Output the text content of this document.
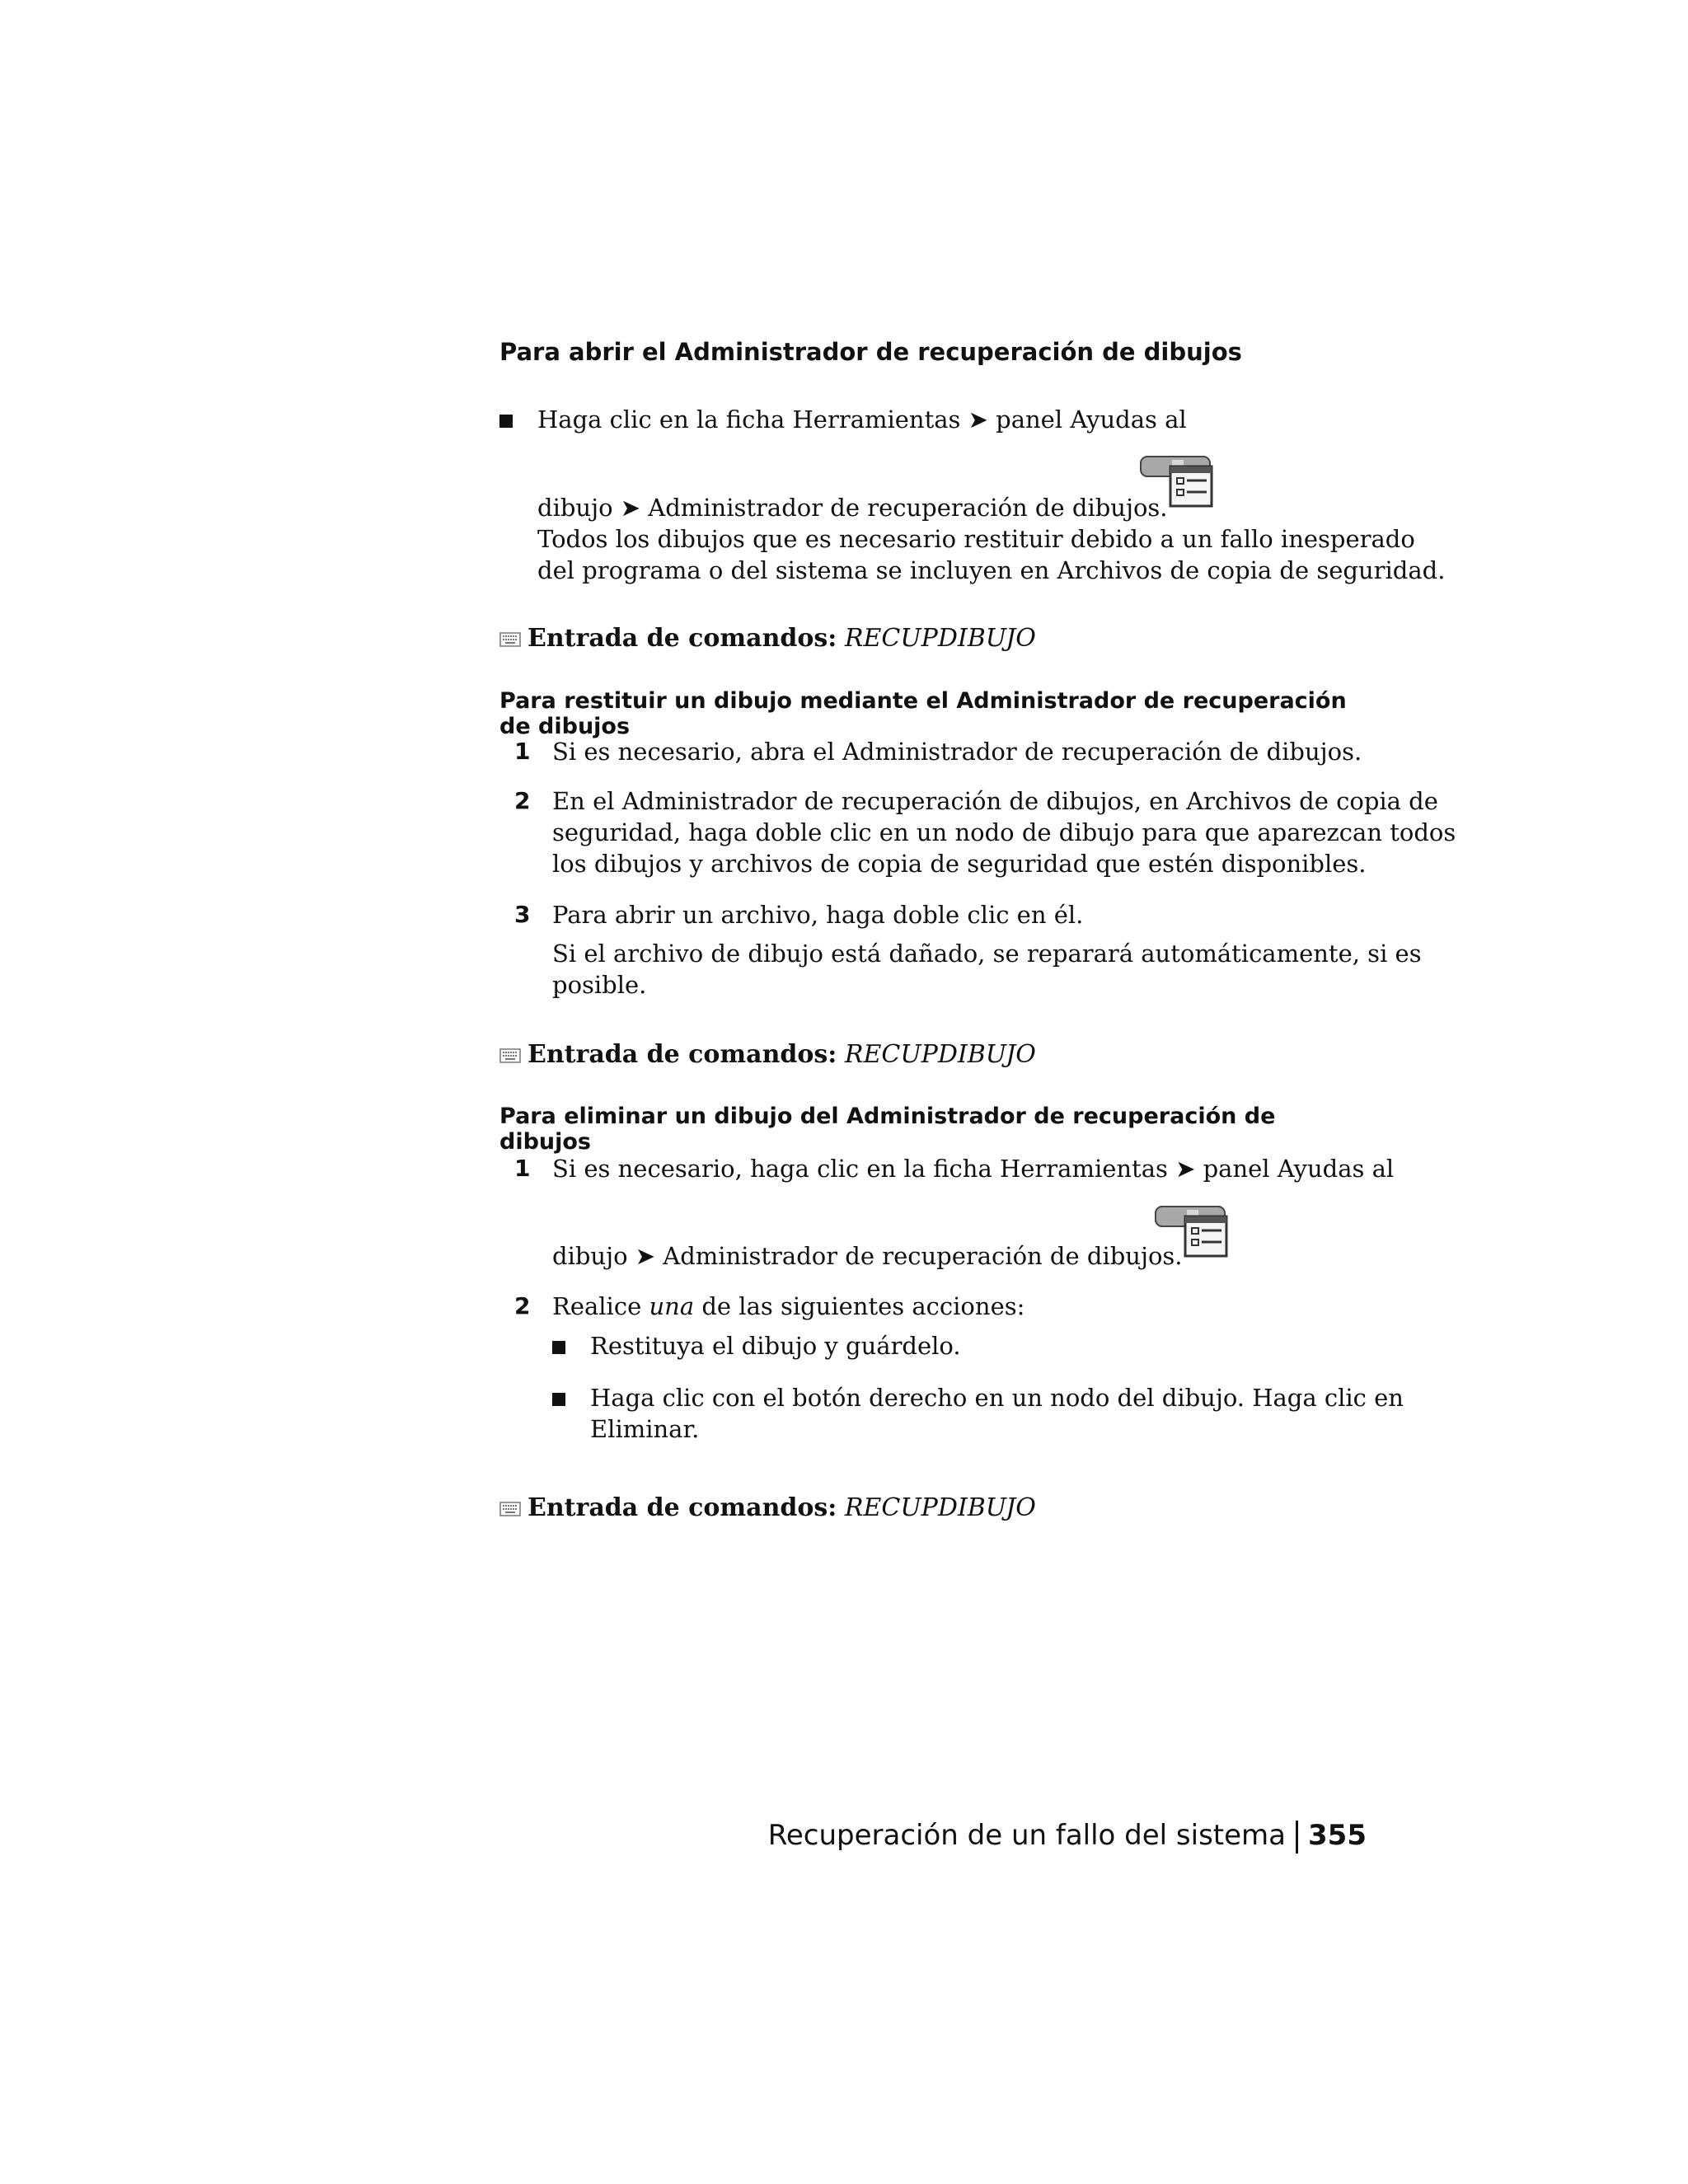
Para abrir el Administrador de recuperación de dibujos

Haga clic en la ficha Herramientas ➤ panel Ayudas al
dibujo ➤ Administrador de recuperación de dibujos.
Todos los dibujos que es necesario restituir debido a un fallo inesperado
del programa o del sistema se incluyen en Archivos de copia de seguridad.
Entrada de comandos: RECUPDIBUJO

Para restituir un dibujo mediante el Administrador de recuperación de dibujos

1 Si es necesario, abra el Administrador de recuperación de dibujos.
2 En el Administrador de recuperación de dibujos, en Archivos de copia de
seguridad, haga doble clic en un nodo de dibujo para que aparezcan todos
los dibujos y archivos de copia de seguridad que estén disponibles.
3 Para abrir un archivo, haga doble clic en él.
Si el archivo de dibujo está dañado, se reparará automáticamente, si es
posible.
Entrada de comandos: RECUPDIBUJO

Para eliminar un dibujo del Administrador de recuperación de dibujos

1 Si es necesario, haga clic en la ficha Herramientas ➤ panel Ayudas al
dibujo ➤ Administrador de recuperación de dibujos.
2 Realice una de las siguientes acciones:
Restituya el dibujo y guárdelo.
Haga clic con el botón derecho en un nodo del dibujo. Haga clic en
Eliminar.
Entrada de comandos: RECUPDIBUJO
Recuperación de un fallo del sistema 355
